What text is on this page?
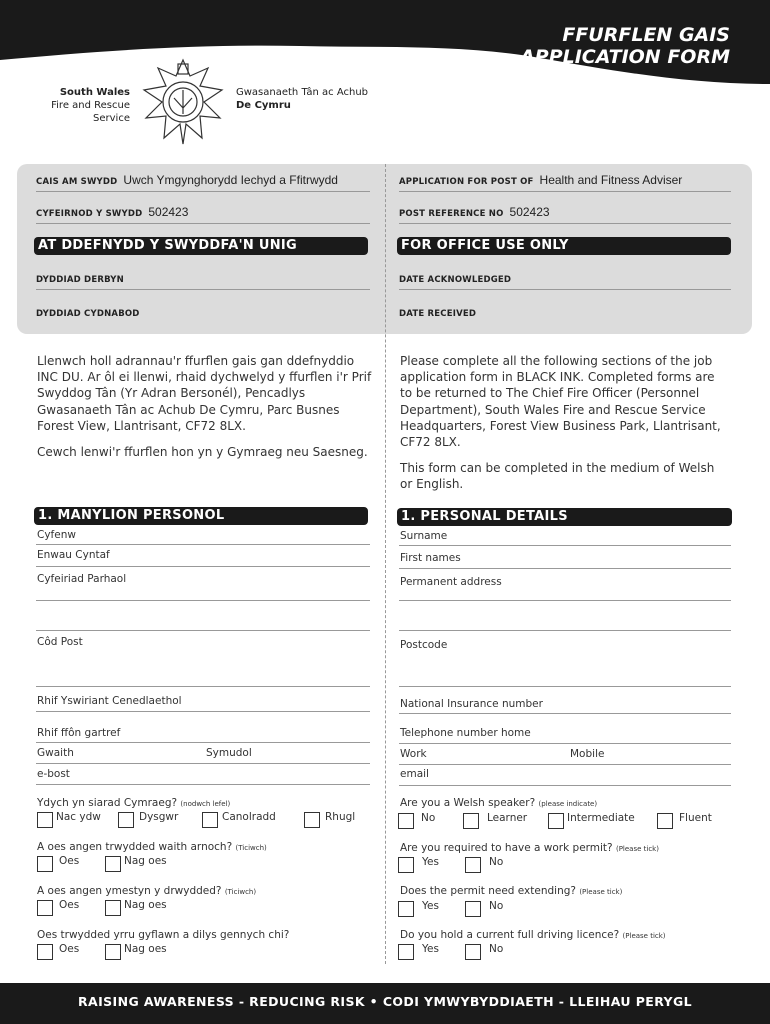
FFURFLEN GAIS
APPLICATION FORM
South Wales
Fire and Rescue Service
Gwasanaeth Tân ac Achub
De Cymru
CAIS AM SWYDD Uwch Ymgynghorydd Iechyd a Ffitrwydd	APPLICATION FOR POST OF Health and Fitness Adviser
CYFEIRNOD Y SWYDD 502423	POST REFERENCE NO 502423
AT DDEFNYDD Y SWYDDFA'N UNIG	FOR OFFICE USE ONLY
DYDDIAD DERBYN	DATE ACKNOWLEDGED
DYDDIAD CYDNABOD	DATE RECEIVED
Llenwch holl adrannau'r ffurflen gais gan ddefnyddio INC DU. Ar ôl ei llenwi, rhaid dychwelyd y ffurflen i'r Prif Swyddog Tân (Yr Adran Bersonél), Pencadlys Gwasanaeth Tân ac Achub De Cymru, Parc Busnes Forest View, Llantrisant, CF72 8LX.
Cewch lenwi'r ffurflen hon yn y Gymraeg neu Saesneg.
Please complete all the following sections of the job application form in BLACK INK. Completed forms are to be returned to The Chief Fire Officer (Personnel Department), South Wales Fire and Rescue Service Headquarters, Forest View Business Park, Llantrisant, CF72 8LX.
This form can be completed in the medium of Welsh or English.
1. MANYLION PERSONOL	1. PERSONAL DETAILS
Cyfenw
Enwau Cyntaf
Cyfeiriad Parhaol
Côd Post
Rhif Yswiriant Cenedlaethol
Rhif ffôn gartref
Gwaith	Symudol
e-bost
Surname
First names
Permanent address
Postcode
National Insurance number
Telephone number home
Work	Mobile
email
Ydych yn siarad Cymraeg? (nodwch lefel)
Nac ydw	Dysgwr	Canolradd	Rhugl
Are you a Welsh speaker? (please indicate)
No	Learner	Intermediate	Fluent
A oes angen trwydded waith arnoch? (Ticiwch)
Oes	Nag oes
Are you required to have a work permit? (Please tick)
Yes	No
A oes angen ymestyn y drwydded? (Ticiwch)
Oes	Nag oes
Does the permit need extending? (Please tick)
Yes	No
Oes trwydded yrru gyflawn a dilys gennych chi?
Oes	Nag oes
Do you hold a current full driving licence? (Please tick)
Yes	No
RAISING AWARENESS - REDUCING RISK • CODI YMWYBYDDIAETH - LLEIHAU PERYGL
